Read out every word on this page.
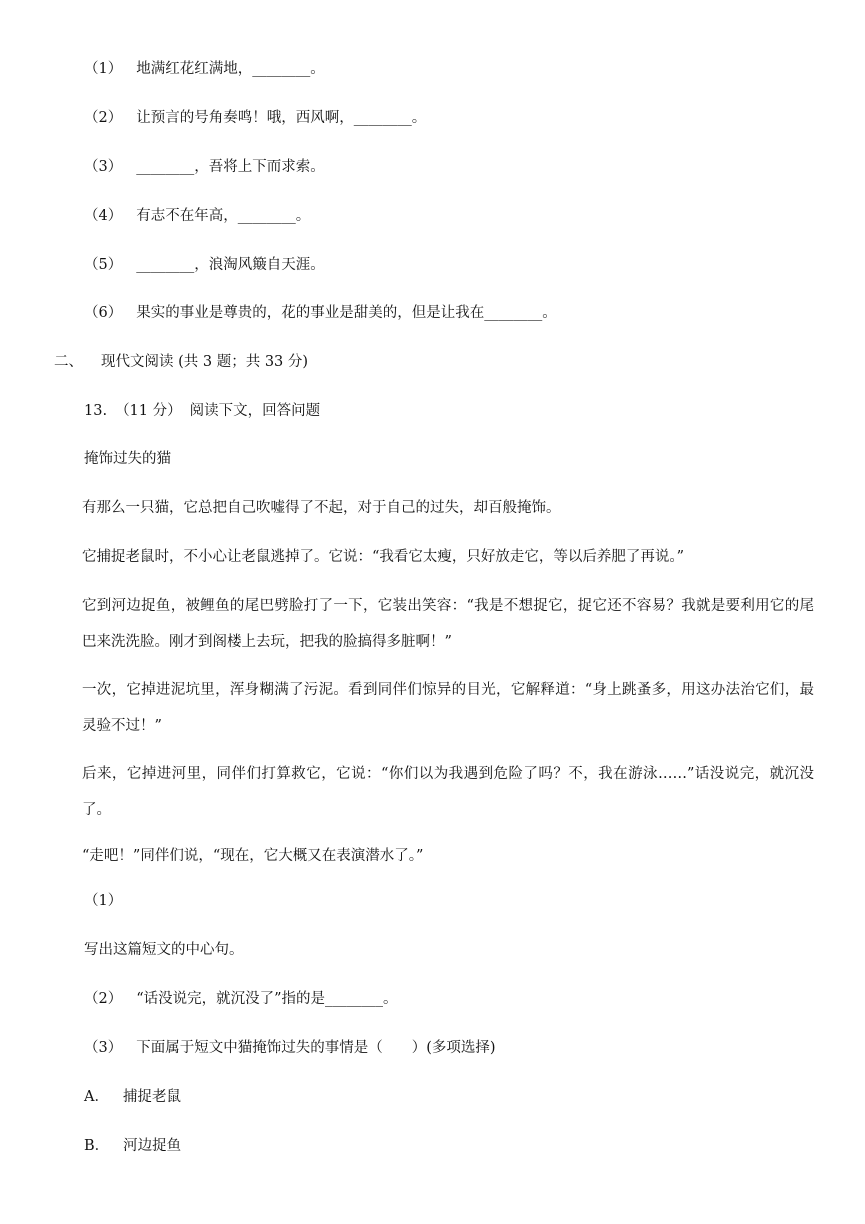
（1） 地满红花红满地，________。
（2） 让预言的号角奏鸣！哦，西风啊，________。
（3） ________，吾将上下而求索。
（4） 有志不在年高，________。
（5） ________，浪淘风簸自天涯。
（6） 果实的事业是尊贵的，花的事业是甜美的，但是让我在________。
二、 现代文阅读 (共 3 题；共 33 分)
13. （11 分） 阅读下文，回答问题
掩饰过失的猫
有那么一只猫，它总把自己吹嘘得了不起，对于自己的过失，却百般掩饰。
它捕捉老鼠时，不小心让老鼠逃掉了。它说：“我看它太瘦，只好放走它，等以后养肥了再说。”
它到河边捉鱼，被鲤鱼的尾巴劈脸打了一下，它装出笑容：“我是不想捉它，捉它还不容易？我就是要利用它的尾巴来洗洗脸。刚才到阁楼上去玩，把我的脸搞得多脏啊！”
一次，它掉进泥坑里，浑身糊满了污泥。看到同伴们惊异的目光，它解释道：“身上跳蚤多，用这办法治它们，最灵验不过！”
后来，它掉进河里，同伴们打算救它，它说：“你们以为我遇到危险了吗？不，我在游泳……”话没说完，就沉没了。
“走吧！”同伴们说，“现在，它大概又在表演潜水了。”
（1）
写出这篇短文的中心句。
（2） “话没说完，就沉没了”指的是________。
（3） 下面属于短文中猫掩饰过失的事情是（　　）(多项选择)
A． 捕捉老鼠
B． 河边捉鱼
